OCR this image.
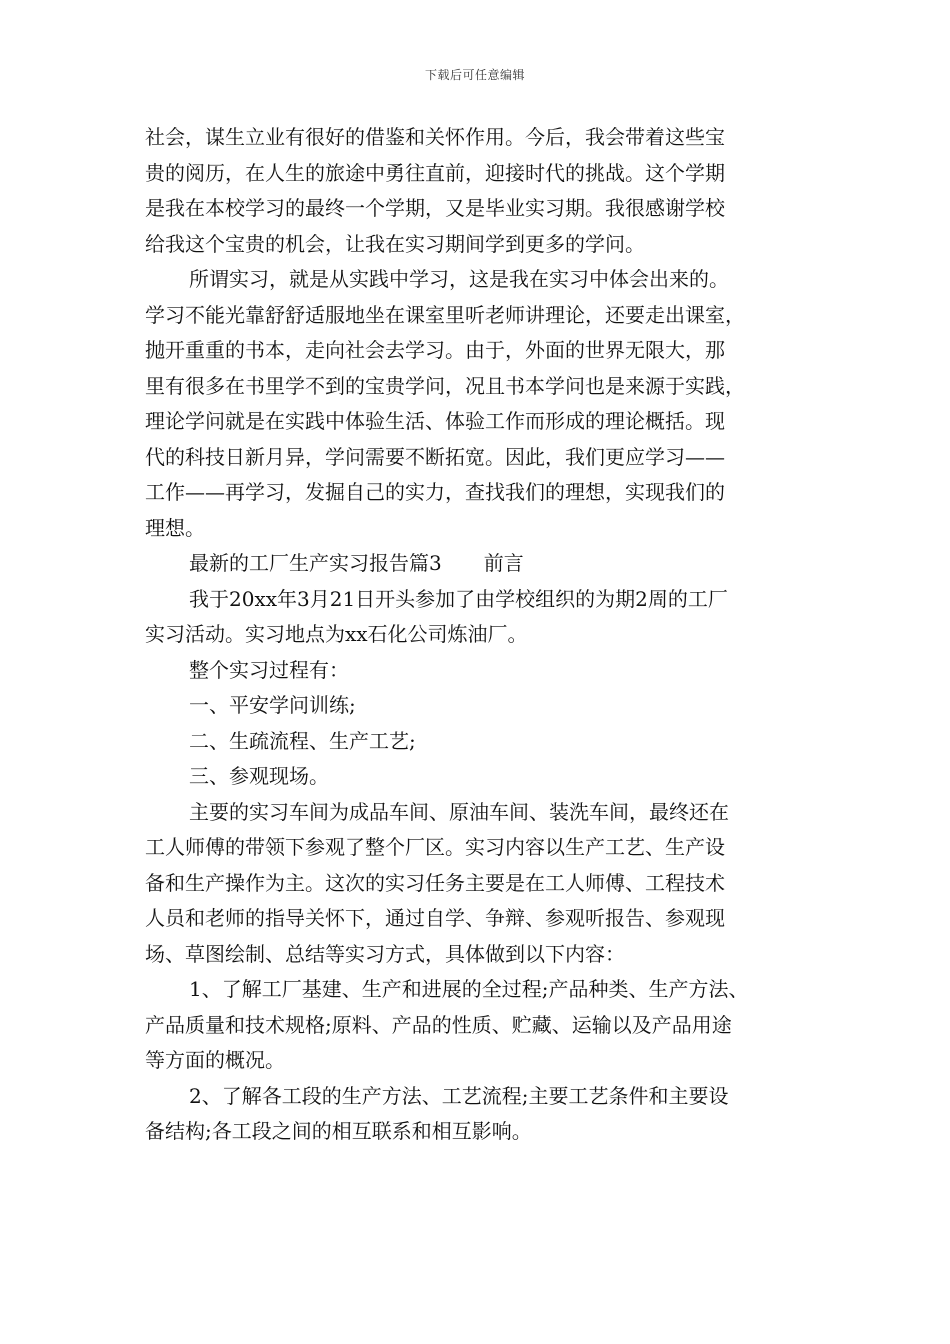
下载后可任意编辑
社会，谋生立业有很好的借鉴和关怀作用。今后，我会带着这些宝
贵的阅历，在人生的旅途中勇往直前，迎接时代的挑战。这个学期
是我在本校学习的最终一个学期，又是毕业实习期。我很感谢学校
给我这个宝贵的机会，让我在实习期间学到更多的学问。
所谓实习，就是从实践中学习，这是我在实习中体会出来的。
学习不能光靠舒舒适服地坐在课室里听老师讲理论，还要走出课室，
抛开重重的书本，走向社会去学习。由于，外面的世界无限大，那
里有很多在书里学不到的宝贵学问，况且书本学问也是来源于实践，
理论学问就是在实践中体验生活、体验工作而形成的理论概括。现
代的科技日新月异，学问需要不断拓宽。因此，我们更应学习——
工作——再学习，发掘自己的实力，查找我们的理想，实现我们的
理想。
最新的工厂生产实习报告篇3 前言
我于20xx年3月21日开头参加了由学校组织的为期2周的工厂
实习活动。实习地点为xx石化公司炼油厂。
整个实习过程有：
一、平安学问训练;
二、生疏流程、生产工艺;
三、参观现场。
主要的实习车间为成品车间、原油车间、装洗车间，最终还在
工人师傅的带领下参观了整个厂区。实习内容以生产工艺、生产设
备和生产操作为主。这次的实习任务主要是在工人师傅、工程技术
人员和老师的指导关怀下，通过自学、争辩、参观听报告、参观现
场、草图绘制、总结等实习方式，具体做到以下内容：
1、了解工厂基建、生产和进展的全过程;产品种类、生产方法、
产品质量和技术规格;原料、产品的性质、贮藏、运输以及产品用途
等方面的概况。
2、了解各工段的生产方法、工艺流程;主要工艺条件和主要设
备结构;各工段之间的相互联系和相互影响。
